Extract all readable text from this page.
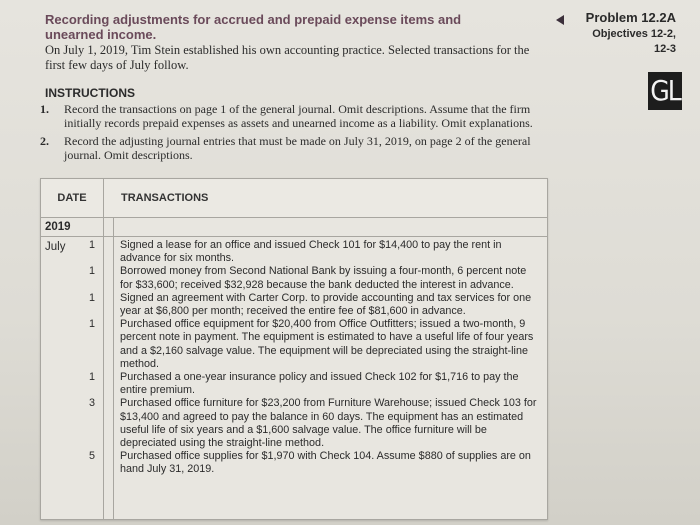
Recording adjustments for accrued and prepaid expense items and unearned income.
On July 1, 2019, Tim Stein established his own accounting practice. Selected transactions for the first few days of July follow.
Problem 12.2A
Objectives 12-2,
12-3
GL
INSTRUCTIONS
1.	Record the transactions on page 1 of the general journal. Omit descriptions. Assume that the firm initially records prepaid expenses as assets and unearned income as a liability. Omit explanations.
2.	Record the adjusting journal entries that must be made on July 31, 2019, on page 2 of the general journal. Omit descriptions.
DATE	TRANSACTIONS
2019
July	1 Signed a lease for an office and issued Check 101 for $14,400 to pay the rent in advance for six months.
1 Borrowed money from Second National Bank by issuing a four-month, 6 percent note for $33,600; received $32,928 because the bank deducted the interest in advance.
1 Signed an agreement with Carter Corp. to provide accounting and tax services for one year at $6,800 per month; received the entire fee of $81,600 in advance.
1 Purchased office equipment for $20,400 from Office Outfitters; issued a two-month, 9 percent note in payment. The equipment is estimated to have a useful life of four years and a $2,160 salvage value. The equipment will be depreciated using the straight-line method.
1 Purchased a one-year insurance policy and issued Check 102 for $1,716 to pay the entire premium.
3 Purchased office furniture for $23,200 from Furniture Warehouse; issued Check 103 for $13,400 and agreed to pay the balance in 60 days. The equipment has an estimated useful life of six years and a $1,600 salvage value. The office furniture will be depreciated using the straight-line method.
5 Purchased office supplies for $1,970 with Check 104. Assume $880 of supplies are on hand July 31, 2019.
